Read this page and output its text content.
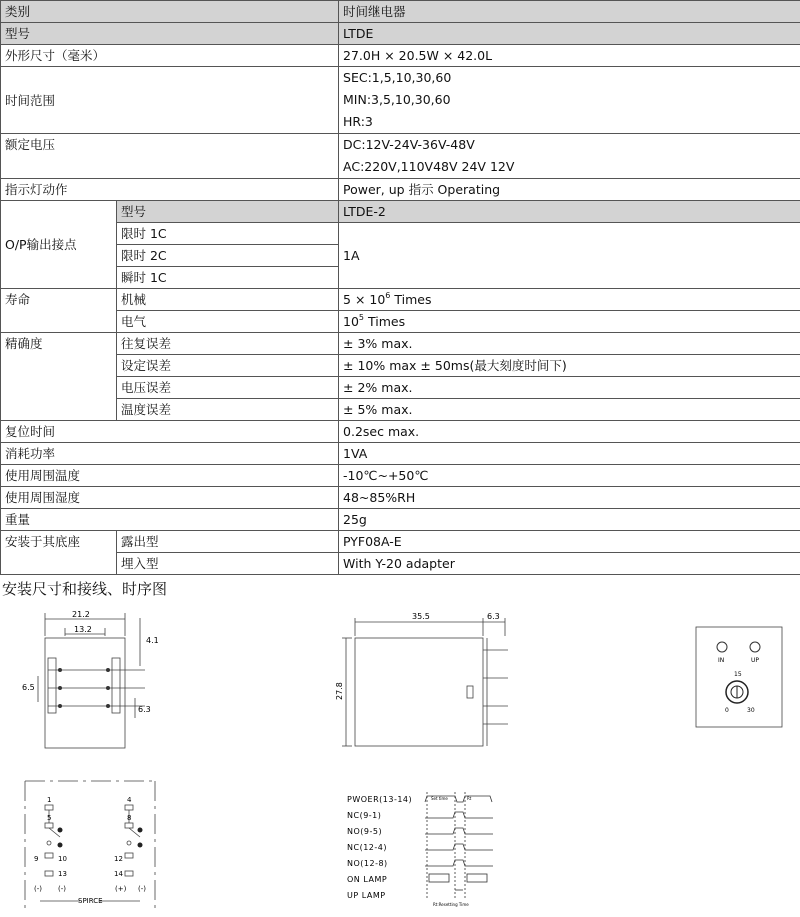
类别		时间继电器
型号		LTDE
外形尺寸（毫米）		27.0H × 20.5W × 42.0L
时间范围		SEC:1,5,10,30,60
MIN:3,5,10,30,60
HR:3

额定电压		DC:12V-24V-36V-48V
AC:220V,110V48V 24V 12V

指示灯动作		Power, up 指示 Operating
O/P输出接点	型号	LTDE-2
	限时 1C	1A
	限时 2C	
	瞬时 1C	
寿命	机械	$5 \times 10^6$ Times
	电气	$10^5$ Times
精确度	往复误差	± 3% max.
	设定误差	± 10% max ± 50ms(最大刻度时间下)
	电压误差	± 2% max.
	温度误差	± 5% max.
复位时间		0.2sec max.
消耗功率		1VA
使用周围温度		-10℃~+50℃
使用周围湿度		48~85%RH
重量		25g
安装于其底座	露出型	PYF08A-E
	埋入型	With Y-20 adapter
安装尺寸和接线、时序图
21.2
13.2
4.1
6.5
6.3
35.5	6.3
27.8
IN	UP
15
0	30
1	4
5	8
9	10	12
13	14
(-) (-)	(+) (-)
SPIRCE
PWOER(13-14)
NC(9-1)
NO(9-5)
NC(12-4)
NO(12-8)
ON LAMP
UP LAMP
Set time	Rt
Rt:Resetting Time
